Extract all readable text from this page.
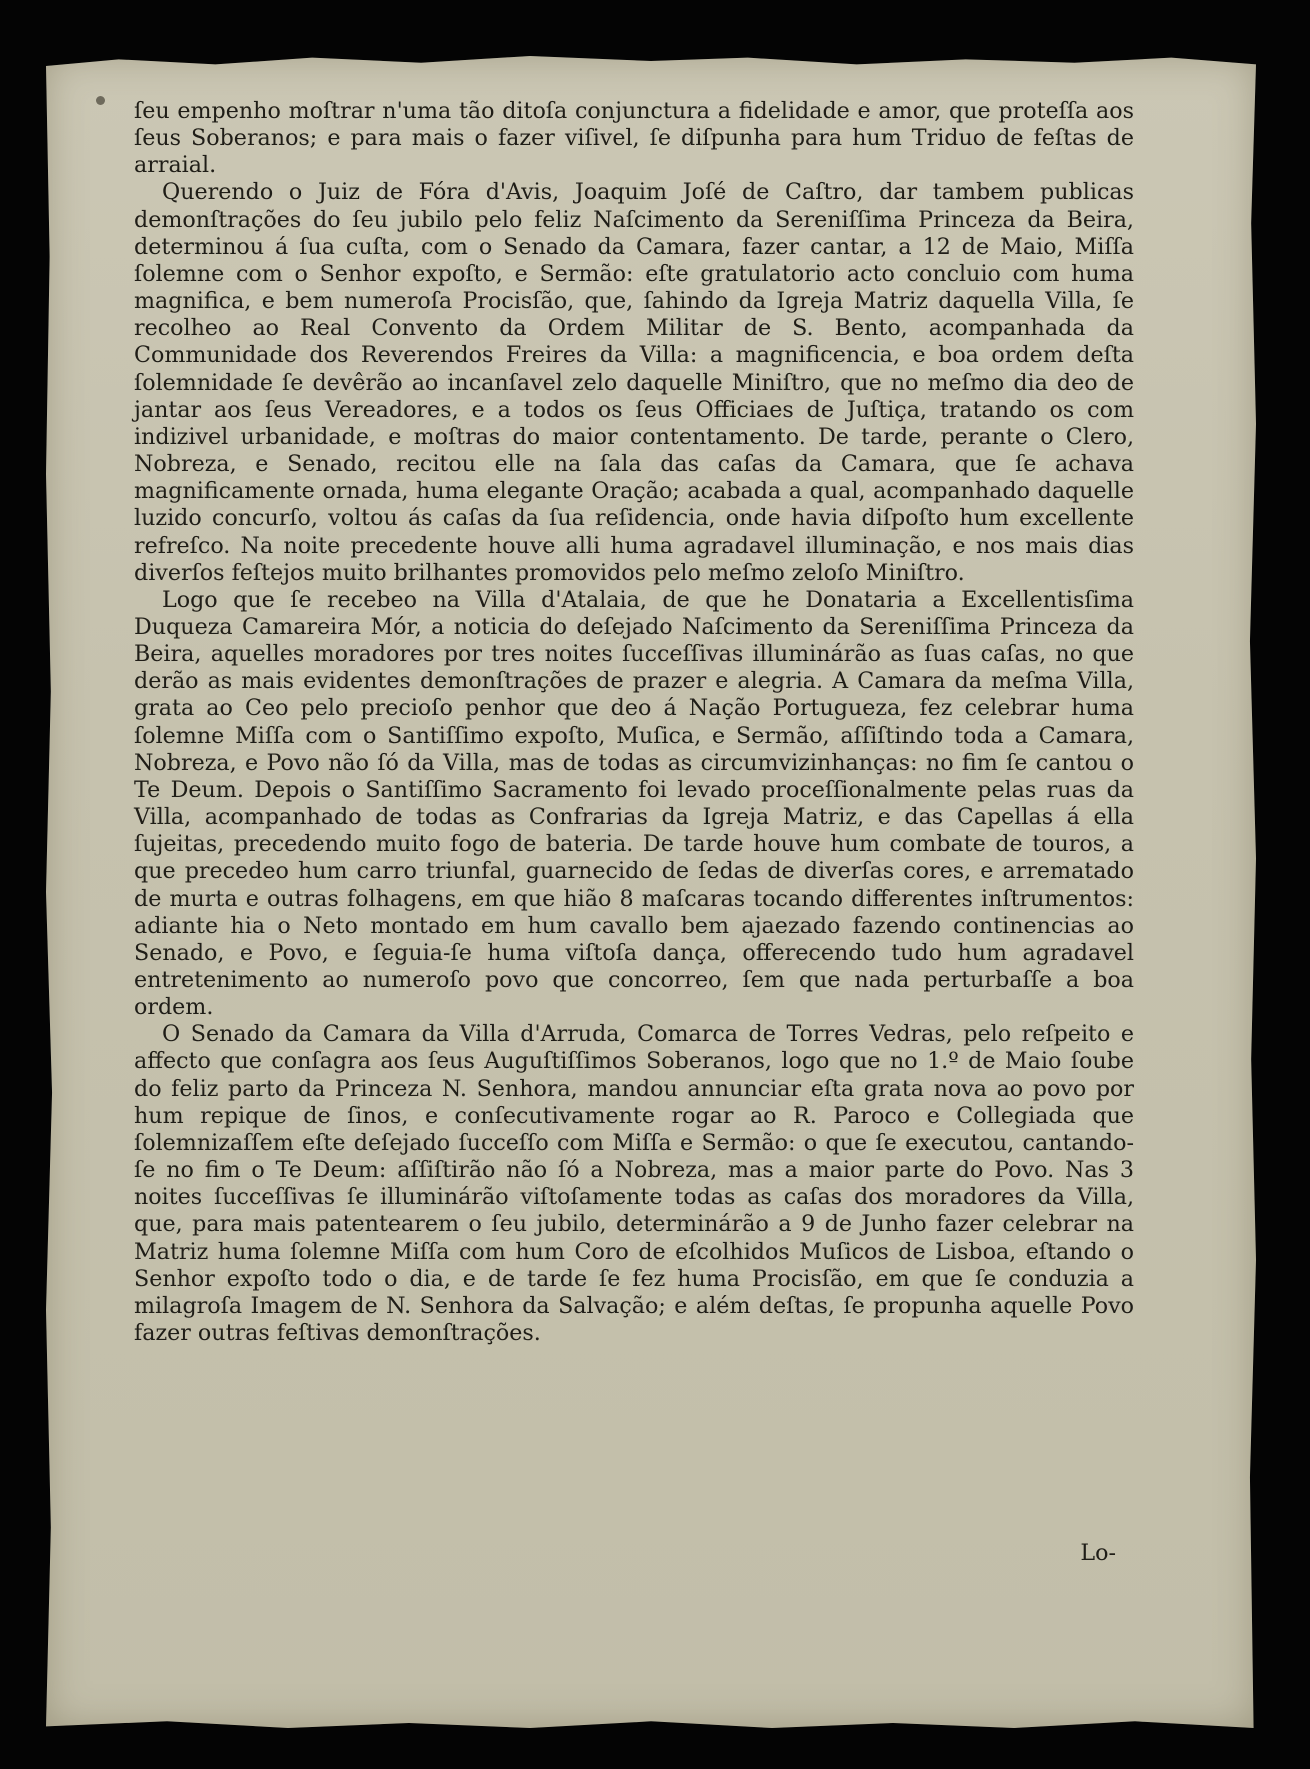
ſeu empenho moſtrar n'uma tão ditoſa conjunctura a fidelidade e amor, que proteſſa aos ſeus Soberanos; e para mais o fazer viſivel, ſe diſpunha para hum Triduo de feſtas de arraial.

Querendo o Juiz de Fóra d'Avis, Joaquim Joſé de Caſtro, dar tambem publicas demonſtrações do ſeu jubilo pelo feliz Naſcimento da Sereniſſima Princeza da Beira, determinou á ſua cuſta, com o Senado da Camara, fazer cantar, a 12 de Maio, Miſſa ſolemne com o Senhor expoſto, e Sermão: eſte gratulatorio acto concluio com huma magnifica, e bem numeroſa Procisſão, que, ſahindo da Igreja Matriz daquella Villa, ſe recolheo ao Real Convento da Ordem Militar de S. Bento, acompanhada da Communidade dos Reverendos Freires da Villa: a magnificencia, e boa ordem deſta ſolemnidade ſe devêrão ao incanſavel zelo daquelle Miniſtro, que no meſmo dia deo de jantar aos ſeus Vereadores, e a todos os ſeus Officiaes de Juſtiça, tratando os com indizivel urbanidade, e moſtras do maior contentamento. De tarde, perante o Clero, Nobreza, e Senado, recitou elle na ſala das caſas da Camara, que ſe achava magnificamente ornada, huma elegante Oração; acabada a qual, acompanhado daquelle luzido concurſo, voltou ás caſas da ſua reſidencia, onde havia diſpoſto hum excellente refreſco. Na noite precedente houve alli huma agradavel illuminação, e nos mais dias diverſos feſtejos muito brilhantes promovidos pelo meſmo zeloſo Miniſtro.

Logo que ſe recebeo na Villa d'Atalaia, de que he Donataria a Excellentisſima Duqueza Camareira Mór, a noticia do deſejado Naſcimento da Sereniſſima Princeza da Beira, aquelles moradores por tres noites ſucceſſivas illuminárão as ſuas caſas, no que derão as mais evidentes demonſtrações de prazer e alegria. A Camara da meſma Villa, grata ao Ceo pelo precioſo penhor que deo á Nação Portugueza, fez celebrar huma ſolemne Miſſa com o Santiſſimo expoſto, Muſica, e Sermão, aſſiſtindo toda a Camara, Nobreza, e Povo não ſó da Villa, mas de todas as circumvizinhanças: no fim ſe cantou o Te Deum. Depois o Santiſſimo Sacramento foi levado proceſſionalmente pelas ruas da Villa, acompanhado de todas as Confrarias da Igreja Matriz, e das Capellas á ella ſujeitas, precedendo muito fogo de bateria. De tarde houve hum combate de touros, a que precedeo hum carro triunfal, guarnecido de ſedas de diverſas cores, e arrematado de murta e outras folhagens, em que hião 8 maſcaras tocando differentes inſtrumentos: adiante hia o Neto montado em hum cavallo bem ajaezado fazendo continencias ao Senado, e Povo, e ſeguia-ſe huma viſtoſa dança, offerecendo tudo hum agradavel entretenimento ao numeroſo povo que concorreo, ſem que nada perturbaſſe a boa ordem.

O Senado da Camara da Villa d'Arruda, Comarca de Torres Vedras, pelo reſpeito e affecto que conſagra aos ſeus Auguſtiſſimos Soberanos, logo que no 1.º de Maio ſoube do feliz parto da Princeza N. Senhora, mandou annunciar eſta grata nova ao povo por hum repique de ſinos, e conſecutivamente rogar ao R. Paroco e Collegiada que ſolemnizaſſem eſte deſejado ſucceſſo com Miſſa e Sermão: o que ſe executou, cantando-ſe no fim o Te Deum: aſſiſtirão não ſó a Nobreza, mas a maior parte do Povo. Nas 3 noites ſucceſſivas ſe illuminárão viſtoſamente todas as caſas dos moradores da Villa, que, para mais patentearem o ſeu jubilo, determinárão a 9 de Junho fazer celebrar na Matriz huma ſolemne Miſſa com hum Coro de eſcolhidos Muſicos de Lisboa, eſtando o Senhor expoſto todo o dia, e de tarde ſe fez huma Procisſão, em que ſe conduzia a milagroſa Imagem de N. Senhora da Salvação; e além deſtas, ſe propunha aquelle Povo fazer outras feſtivas demonſtrações.

Lo-
